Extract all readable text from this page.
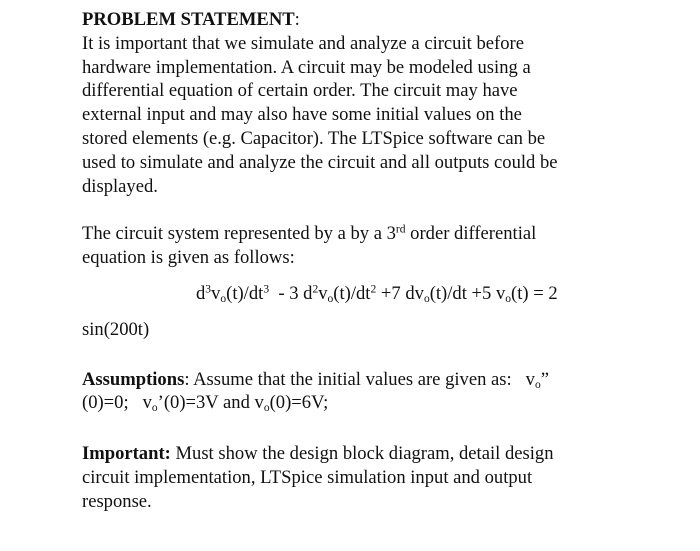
PROBLEM STATEMENT:
It is important that we simulate and analyze a circuit before
hardware implementation. A circuit may be modeled using a
differential equation of certain order. The circuit may have
external input and may also have some initial values on the
stored elements (e.g. Capacitor). The LTSpice software can be
used to simulate and analyze the circuit and all outputs could be
displayed.
The circuit system represented by a by a 3rd order differential
equation is given as follows:
$d^3v_o(t)/dt^3 - 3$ $d^2v_o(t)/dt^2 +7$ $dv_o(t)/dt +5$ $v_o(t) = 2$
sin(200t)
Assumptions: Assume that the initial values are given as:   $v_o$”
(0)=0;   $v_o’(0)=3V$ and $v_o(0)=6V$;
Important: Must show the design block diagram, detail design
circuit implementation, LTSpice simulation input and output
response.
